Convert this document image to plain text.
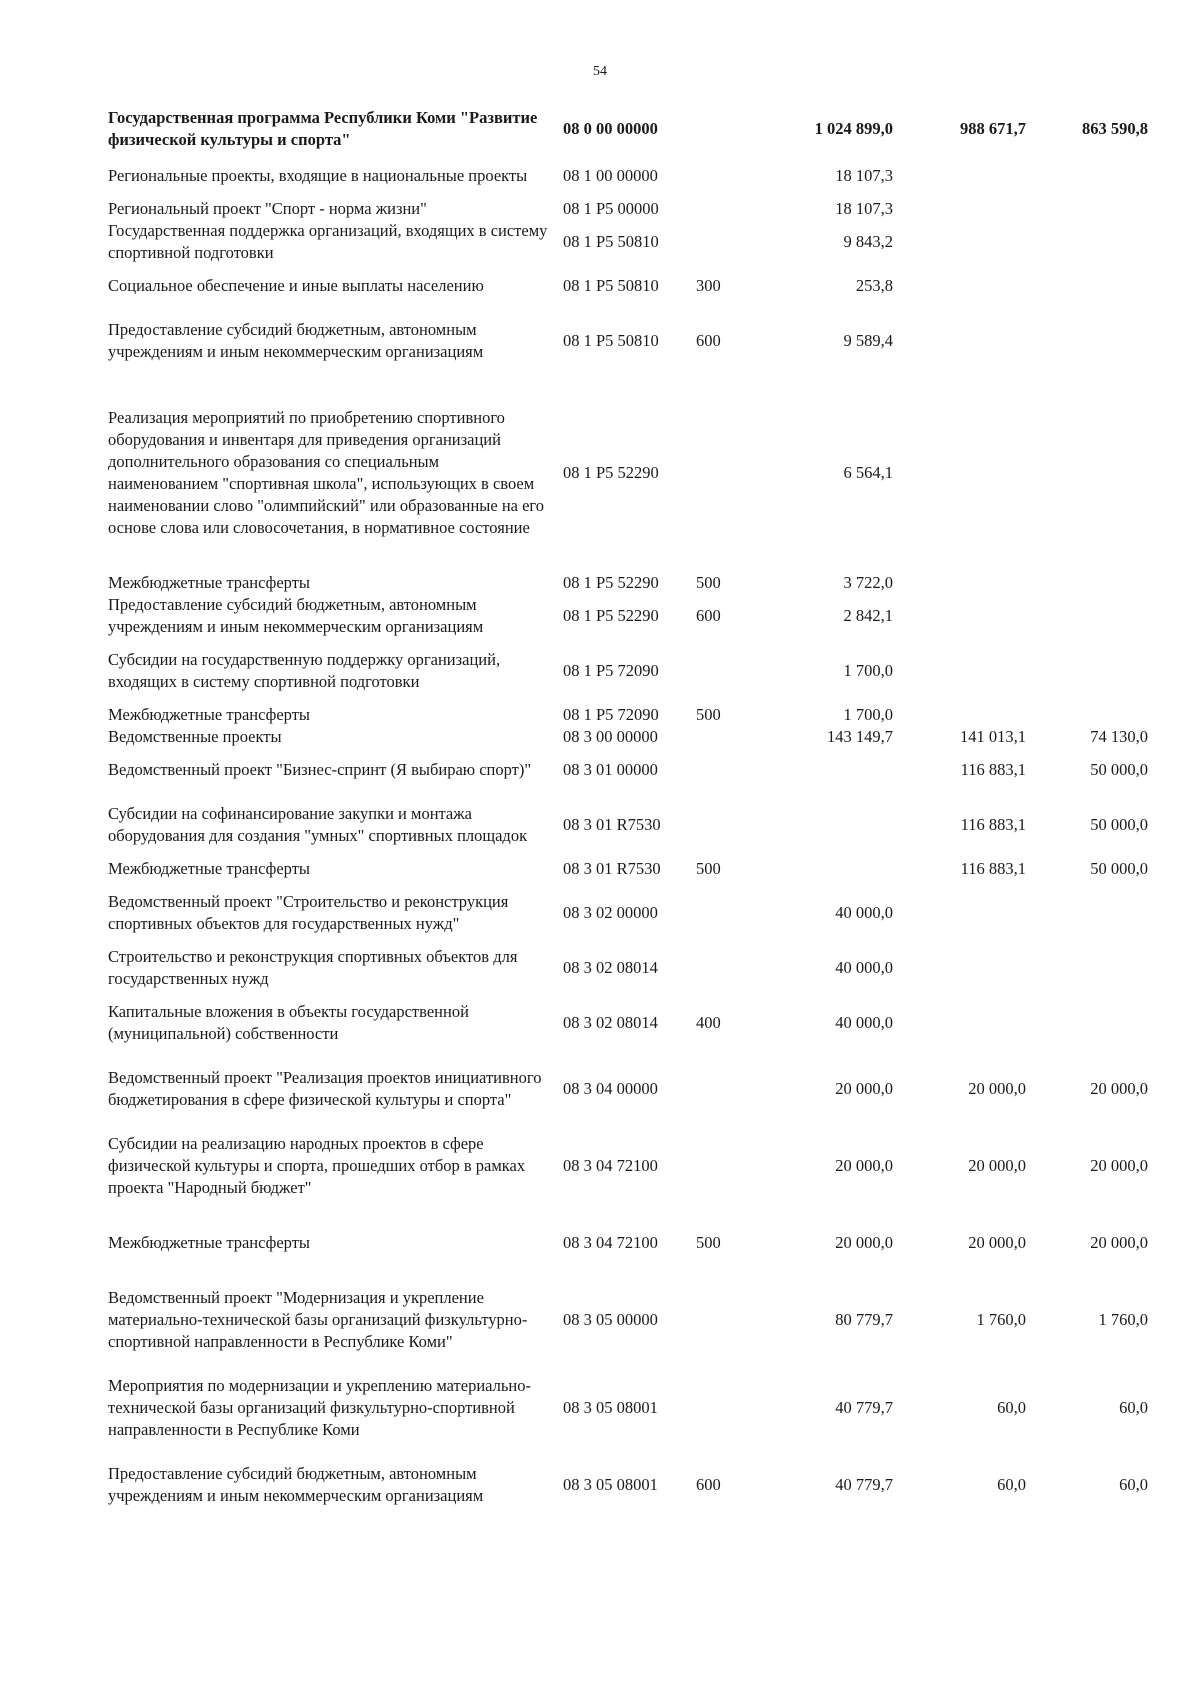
54
Государственная программа Республики Коми "Развитие физической культуры и спорта"	08 0 00 00000		1 024 899,0	988 671,7	863 590,8
Региональные проекты, входящие в национальные проекты	08 1 00 00000		18 107,3		
Региональный проект "Спорт - норма жизни"	08 1 P5 00000		18 107,3		
Государственная поддержка организаций, входящих в систему спортивной подготовки	08 1 P5 50810		9 843,2		
Социальное обеспечение и иные выплаты населению	08 1 P5 50810	300	253,8		
Предоставление субсидий бюджетным, автономным учреждениям и иным некоммерческим организациям	08 1 P5 50810	600	9 589,4		
Реализация мероприятий по приобретению спортивного оборудования и инвентаря для приведения организаций дополнительного образования со специальным наименованием "спортивная школа", использующих в своем наименовании слово "олимпийский" или образованные на его основе слова или словосочетания, в нормативное состояние	08 1 P5 52290		6 564,1		
Межбюджетные трансферты	08 1 P5 52290	500	3 722,0		
Предоставление субсидий бюджетным, автономным учреждениям и иным некоммерческим организациям	08 1 P5 52290	600	2 842,1		
Субсидии на государственную поддержку организаций, входящих в систему спортивной подготовки	08 1 P5 72090		1 700,0		
Межбюджетные трансферты	08 1 P5 72090	500	1 700,0		
Ведомственные проекты	08 3 00 00000		143 149,7	141 013,1	74 130,0
Ведомственный проект "Бизнес-спринт (Я выбираю спорт)"	08 3 01 00000			116 883,1	50 000,0
Субсидии на софинансирование закупки и монтажа оборудования для создания "умных" спортивных площадок	08 3 01 R7530			116 883,1	50 000,0
Межбюджетные трансферты	08 3 01 R7530	500		116 883,1	50 000,0
Ведомственный проект "Строительство и реконструкция спортивных объектов для государственных нужд"	08 3 02 00000		40 000,0		
Строительство и реконструкция спортивных объектов для государственных нужд	08 3 02 08014		40 000,0		
Капитальные вложения в объекты государственной (муниципальной) собственности	08 3 02 08014	400	40 000,0		
Ведомственный проект "Реализация проектов инициативного бюджетирования в сфере физической культуры и спорта"	08 3 04 00000		20 000,0	20 000,0	20 000,0
Субсидии на реализацию народных проектов в сфере физической культуры и спорта, прошедших отбор в рамках проекта "Народный бюджет"	08 3 04 72100		20 000,0	20 000,0	20 000,0
Межбюджетные трансферты	08 3 04 72100	500	20 000,0	20 000,0	20 000,0
Ведомственный проект "Модернизация и укрепление материально-технической базы организаций физкультурно-спортивной направленности в Республике Коми"	08 3 05 00000		80 779,7	1 760,0	1 760,0
Мероприятия по модернизации и укреплению материально-технической базы организаций физкультурно-спортивной направленности в Республике Коми	08 3 05 08001		40 779,7	60,0	60,0
Предоставление субсидий бюджетным, автономным учреждениям и иным некоммерческим организациям	08 3 05 08001	600	40 779,7	60,0	60,0
